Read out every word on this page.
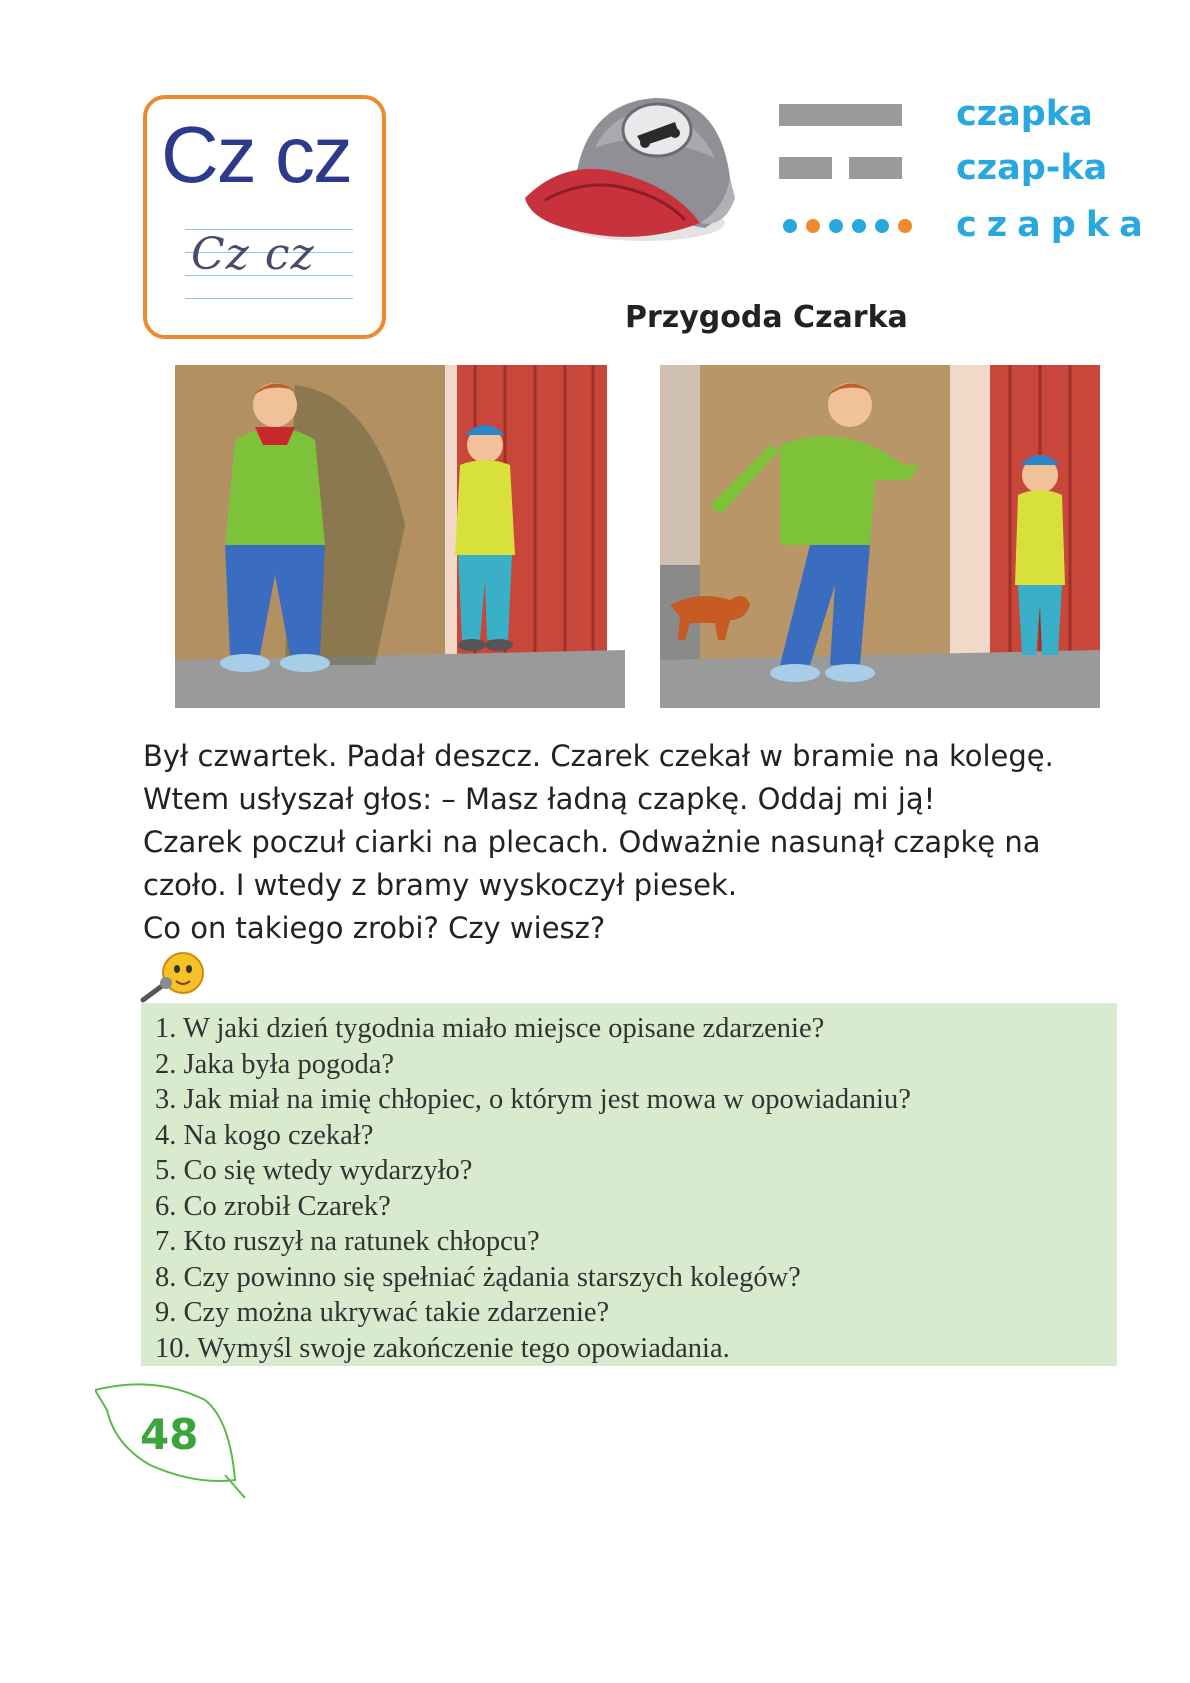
Cz cz
Cz cz
czapka
czap-ka
c z a p k a
Przygoda Czarka
Był czwartek. Padał deszcz. Czarek czekał w bramie na kolegę.
Wtem usłyszał głos: – Masz ładną czapkę. Oddaj mi ją!
Czarek poczuł ciarki na plecach. Odważnie nasunął czapkę na
czoło. I wtedy z bramy wyskoczył piesek.
Co on takiego zrobi? Czy wiesz?
1. W jaki dzień tygodnia miało miejsce opisane zdarzenie?
2. Jaka była pogoda?
3. Jak miał na imię chłopiec, o którym jest mowa w opowiadaniu?
4. Na kogo czekał?
5. Co się wtedy wydarzyło?
6. Co zrobił Czarek?
7. Kto ruszył na ratunek chłopcu?
8. Czy powinno się spełniać żądania starszych kolegów?
9. Czy można ukrywać takie zdarzenie?
10. Wymyśl swoje zakończenie tego opowiadania.
48
